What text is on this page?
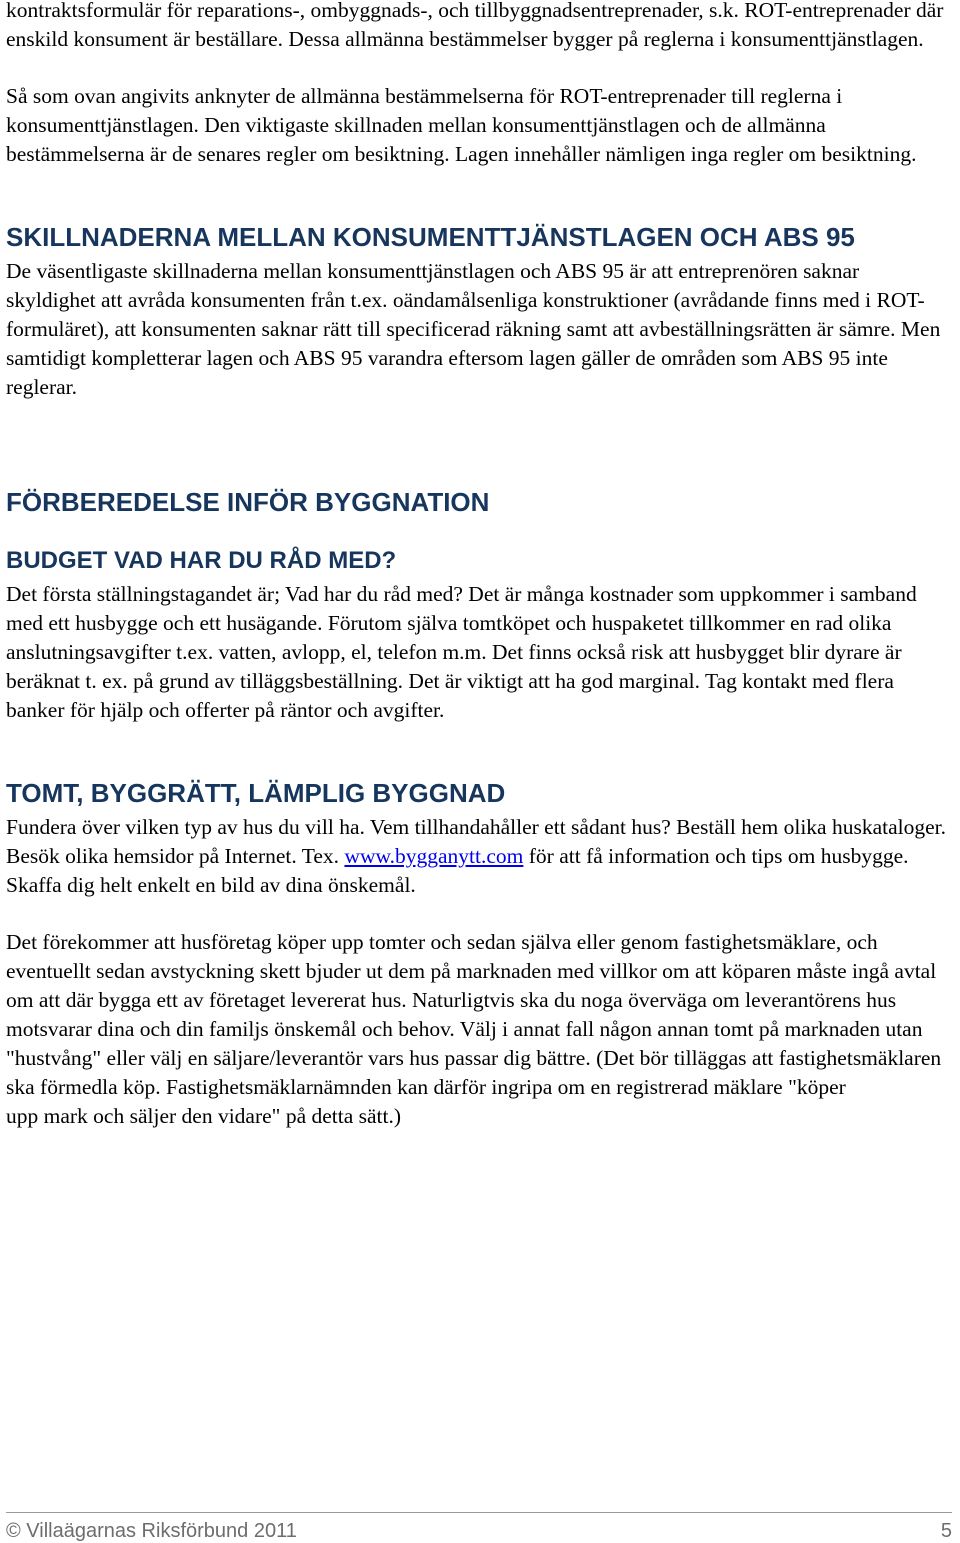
kontraktsformulär för reparations-, ombyggnads-, och tillbyggnadsentreprenader, s.k. ROT-entreprenader där enskild konsument är beställare. Dessa allmänna bestämmelser bygger på reglerna i konsumenttjänstlagen.

Så som ovan angivits anknyter de allmänna bestämmelserna för ROT-entreprenader till reglerna i konsumenttjänstlagen. Den viktigaste skillnaden mellan konsumenttjänstlagen och de allmänna bestämmelserna är de senares regler om besiktning. Lagen innehåller nämligen inga regler om besiktning.

SKILLNADERNA MELLAN KONSUMENTTJÄNSTLAGEN OCH ABS 95

De väsentligaste skillnaderna mellan konsumenttjänstlagen och ABS 95 är att entreprenören saknar skyldighet att avråda konsumenten från t.ex. oändamålsenliga konstruktioner (avrådande finns med i ROT-formuläret), att konsumenten saknar rätt till specificerad räkning samt att avbeställningsrätten är sämre. Men samtidigt kompletterar lagen och ABS 95 varandra eftersom lagen gäller de områden som ABS 95 inte reglerar.

FÖRBEREDELSE INFÖR BYGGNATION
BUDGET VAD HAR DU RÅD MED?

Det första ställningstagandet är; Vad har du råd med? Det är många kostnader som uppkommer i samband med ett husbygge och ett husägande. Förutom själva tomtköpet och huspaketet tillkommer en rad olika anslutningsavgifter t.ex. vatten, avlopp, el, telefon m.m. Det finns också risk att husbygget blir dyrare är beräknat t. ex. på grund av tilläggsbeställning. Det är viktigt att ha god marginal. Tag kontakt med flera banker för hjälp och offerter på räntor och avgifter.

TOMT, BYGGRÄTT, LÄMPLIG BYGGNAD

Fundera över vilken typ av hus du vill ha. Vem tillhandahåller ett sådant hus? Beställ hem olika huskataloger. Besök olika hemsidor på Internet. Tex. www.bygganytt.com för att få information och tips om husbygge. Skaffa dig helt enkelt en bild av dina önskemål.

Det förekommer att husföretag köper upp tomter och sedan själva eller genom fastighetsmäklare, och eventuellt sedan avstyckning skett bjuder ut dem på marknaden med villkor om att köparen måste ingå avtal om att där bygga ett av företaget levererat hus. Naturligtvis ska du noga överväga om leverantörens hus motsvarar dina och din familjs önskemål och behov. Välj i annat fall någon annan tomt på marknaden utan "hustvång" eller välj en säljare/leverantör vars hus passar dig bättre. (Det bör tilläggas att fastighetsmäklaren ska förmedla köp. Fastighetsmäklarnämnden kan därför ingripa om en registrerad mäklare "köper
upp mark och säljer den vidare" på detta sätt.)

© Villaägarnas Riksförbund 2011	5
